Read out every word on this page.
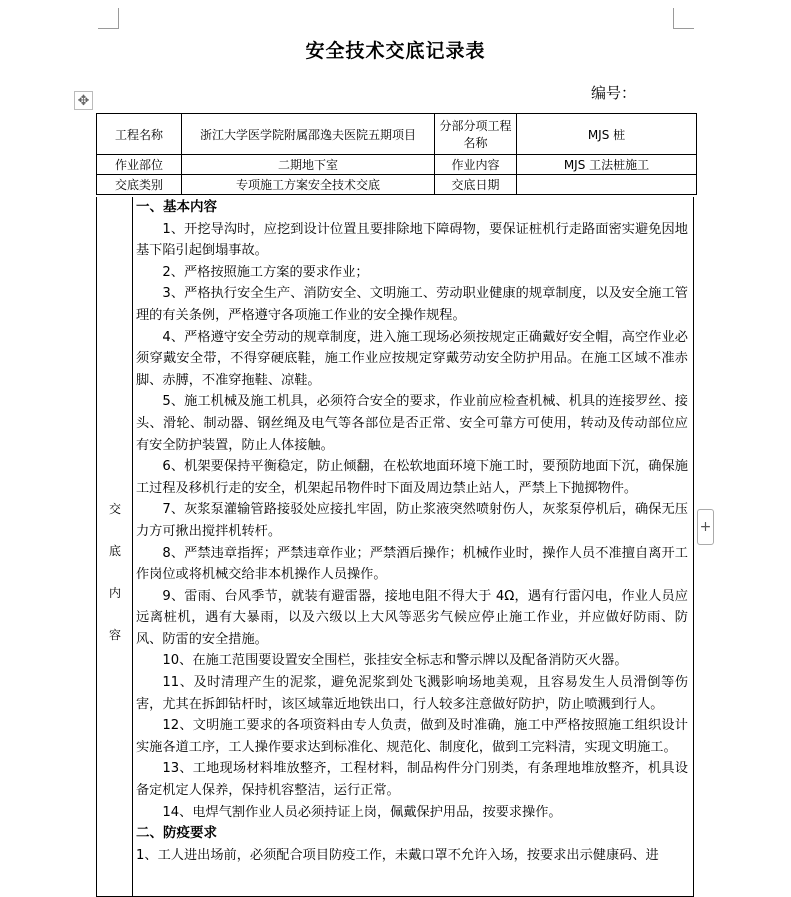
安全技术交底记录表
编号：
✥
+
工程名称	浙江大学医学院附属邵逸夫医院五期项目	分部分项工程名称	MJS 桩
作业部位	二期地下室	作业内容	MJS 工法桩施工
交底类别	专项施工方案安全技术交底	交底日期	
交
底
内
容
一、基本内容

1、开挖导沟时，应挖到设计位置且要排除地下障碍物，要保证桩机行走路面密实避免因地基下陷引起倒塌事故。

2、严格按照施工方案的要求作业；

3、严格执行安全生产、消防安全、文明施工、劳动职业健康的规章制度，以及安全施工管理的有关条例，严格遵守各项施工作业的安全操作规程。

4、严格遵守安全劳动的规章制度，进入施工现场必须按规定正确戴好安全帽，高空作业必须穿戴安全带，不得穿硬底鞋，施工作业应按规定穿戴劳动安全防护用品。在施工区域不准赤脚、赤膊，不准穿拖鞋、凉鞋。

5、施工机械及施工机具，必须符合安全的要求，作业前应检查机械、机具的连接罗丝、接头、滑轮、制动器、钢丝绳及电气等各部位是否正常、安全可靠方可使用，转动及传动部位应有安全防护装置，防止人体接触。

6、机架要保持平衡稳定，防止倾翻，在松软地面环境下施工时，要预防地面下沉，确保施工过程及移机行走的安全，机架起吊物件时下面及周边禁止站人，严禁上下抛掷物件。

7、灰浆泵灌输管路接驳处应接扎牢固，防止浆液突然喷射伤人，灰浆泵停机后，确保无压力方可揪出搅拌机转杆。

8、严禁违章指挥；严禁违章作业；严禁酒后操作；机械作业时，操作人员不准擅自离开工作岗位或将机械交给非本机操作人员操作。

9、雷雨、台风季节，就装有避雷器，接地电阻不得大于 4Ω，遇有行雷闪电，作业人员应远离桩机，遇有大暴雨，以及六级以上大风等恶劣气候应停止施工作业，并应做好防雨、防风、防雷的安全措施。

10、在施工范围要设置安全围栏，张挂安全标志和警示牌以及配备消防灭火器。

11、及时清理产生的泥浆，避免泥浆到处飞溅影响场地美观，且容易发生人员滑倒等伤害，尤其在拆卸钻杆时，该区域靠近地铁出口，行人较多注意做好防护，防止喷溅到行人。

12、文明施工要求的各项资料由专人负责，做到及时准确，施工中严格按照施工组织设计实施各道工序，工人操作要求达到标准化、规范化、制度化，做到工完料清，实现文明施工。

13、工地现场材料堆放整齐，工程材料，制品构件分门别类，有条理地堆放整齐，机具设备定机定人保养，保持机容整洁，运行正常。

14、电焊气割作业人员必须持证上岗，佩戴保护用品，按要求操作。

二、防疫要求

1、工人进出场前，必须配合项目防疫工作，未戴口罩不允许入场，按要求出示健康码、进
